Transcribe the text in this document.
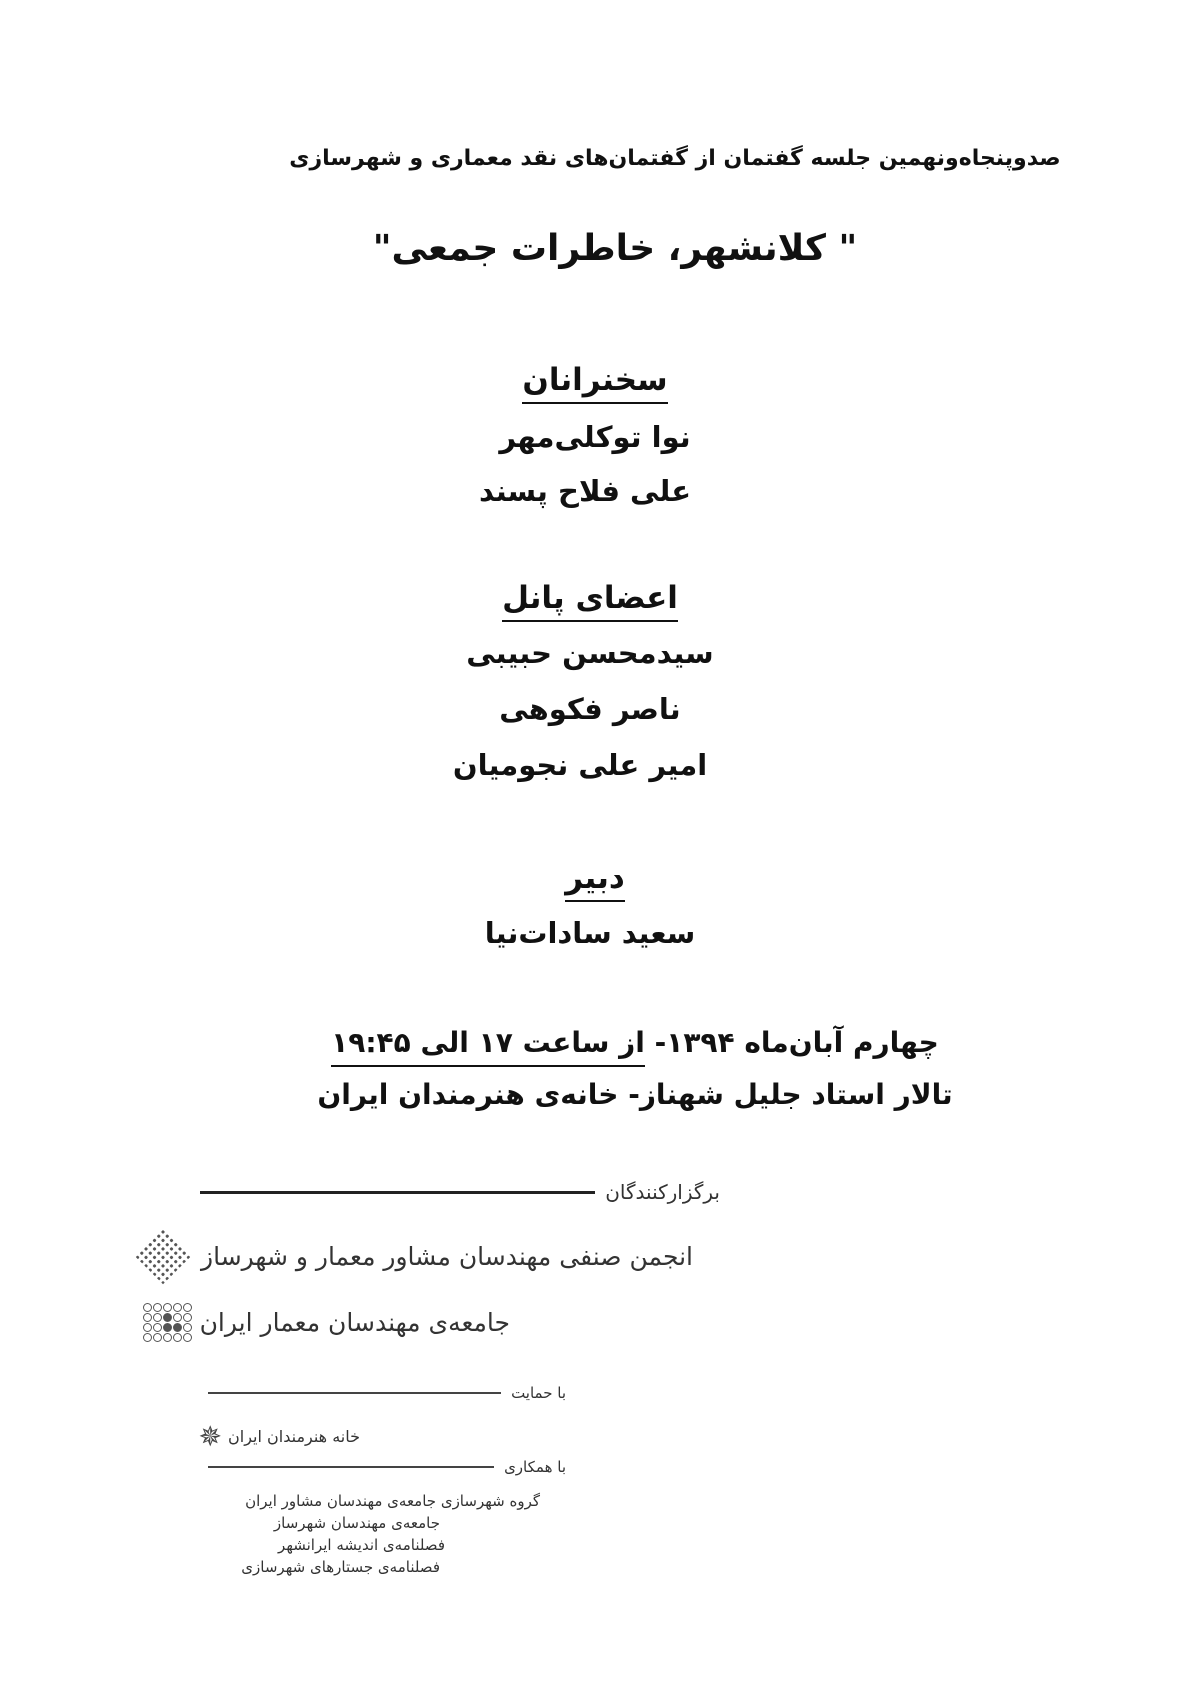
صدوپنجاه‌ونهمین جلسه گفتمان از گفتمان‌های نقد معماری و شهرسازی
" کلانشهر، خاطرات جمعی"
سخنرانان
نوا توکلی‌مهر
علی فلاح پسند
اعضای پانل
سیدمحسن حبیبی
ناصر فکوهی
امیر علی نجومیان
دبیر
سعید سادات‌نیا
چهارم آبان‌ماه ۱۳۹۴- از ساعت ۱۷ الی ۱۹:۴۵
تالار استاد جلیل شهناز- خانه‌ی هنرمندان ایران
برگزارکنندگان
انجمن صنفی مهندسان مشاور معمار و شهرساز
جامعه‌ی مهندسان معمار ایران
با حمایت
خانه هنرمندان ایران
✵
با همکاری
گروه شهرسازی جامعه‌ی مهندسان مشاور ایران
جامعه‌ی مهندسان شهرساز
فصلنامه‌ی اندیشه ایرانشهر
فصلنامه‌ی جستارهای شهرسازی
